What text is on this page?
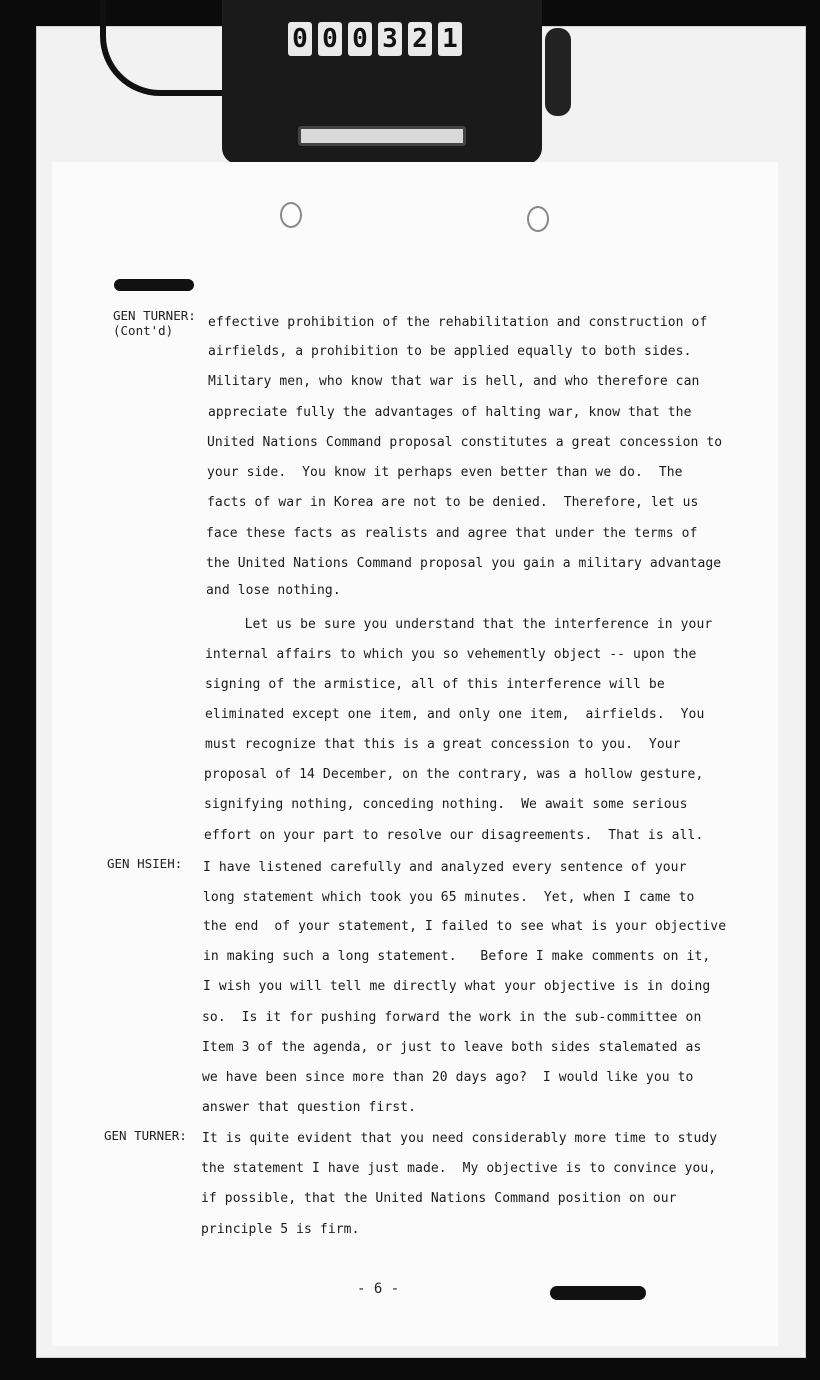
0 0 0 3 2 1
GEN TURNER:
(Cont'd)
effective prohibition of the rehabilitation and construction of
airfields, a prohibition to be applied equally to both sides.
Military men, who know that war is hell, and who therefore can
appreciate fully the advantages of halting war, know that the
United Nations Command proposal constitutes a great concession to
your side.  You know it perhaps even better than we do.  The
facts of war in Korea are not to be denied.  Therefore, let us
face these facts as realists and agree that under the terms of
the United Nations Command proposal you gain a military advantage
and lose nothing.
Let us be sure you understand that the interference in your
internal affairs to which you so vehemently object -- upon the
signing of the armistice, all of this interference will be
eliminated except one item, and only one item,  airfields.  You
must recognize that this is a great concession to you.  Your
proposal of 14 December, on the contrary, was a hollow gesture,
signifying nothing, conceding nothing.  We await some serious
effort on your part to resolve our disagreements.  That is all.
GEN HSIEH: I have listened carefully and analyzed every sentence of your
long statement which took you 65 minutes.  Yet, when I came to
the end  of your statement, I failed to see what is your objective
in making such a long statement.   Before I make comments on it,
I wish you will tell me directly what your objective is in doing
so.  Is it for pushing forward the work in the sub-committee on
Item 3 of the agenda, or just to leave both sides stalemated as
we have been since more than 20 days ago?  I would like you to
answer that question first.
GEN TURNER: It is quite evident that you need considerably more time to study
the statement I have just made.  My objective is to convince you,
if possible, that the United Nations Command position on our
principle 5 is firm.
- 6 -
